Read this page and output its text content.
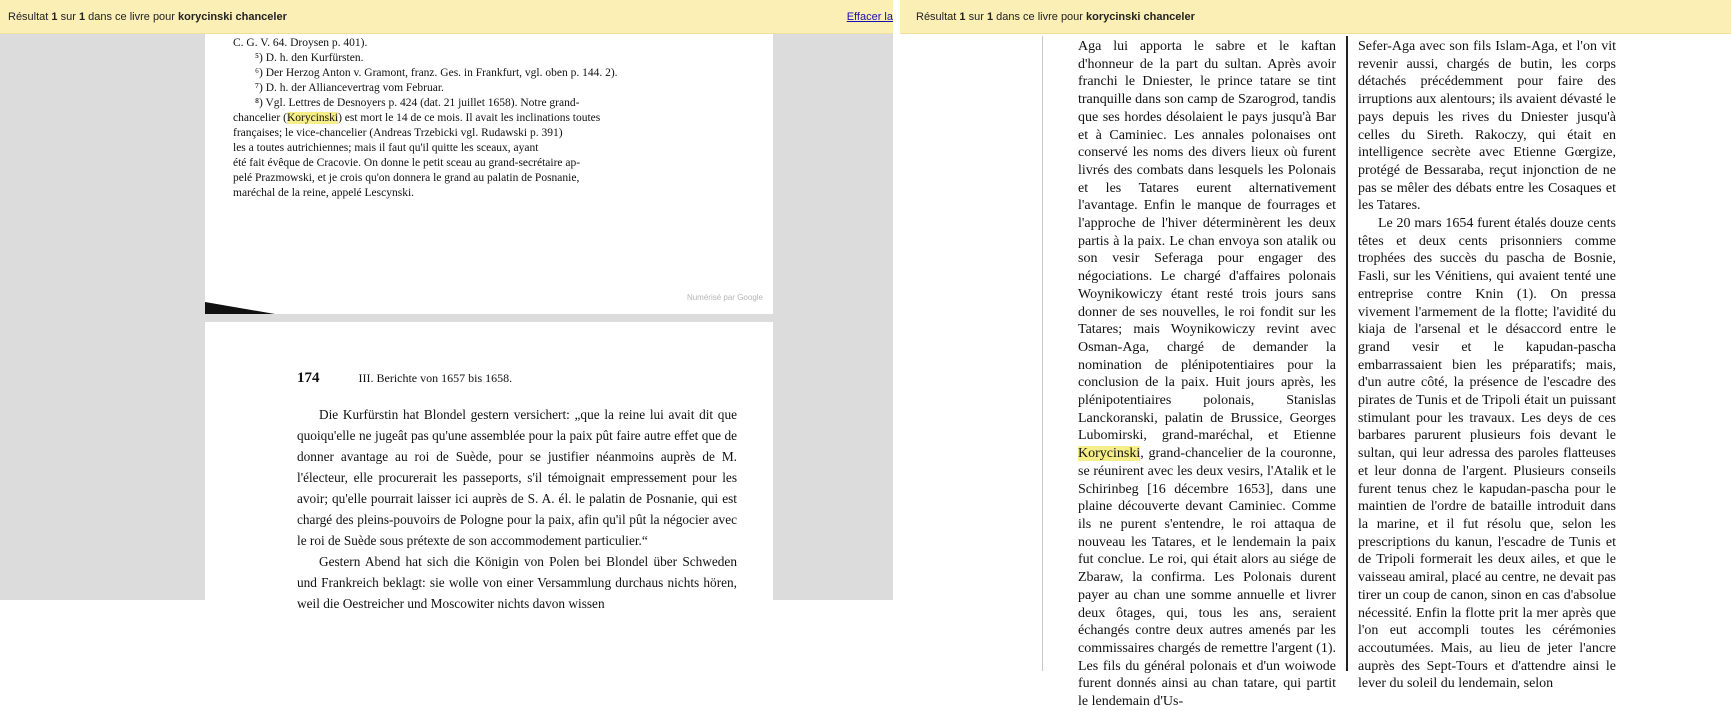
Résultat 1 sur 1 dans ce livre pour korycinski chanceler	Effacer la
C. G. V. 64. Droysen p. 401).
⁵) D. h. den Kurfürsten.
⁶) Der Herzog Anton v. Gramont, franz. Ges. in Frankfurt, vgl. oben p. 144. 2).
⁷) D. h. der Alliancevertrag vom Februar.
⁸) Vgl. Lettres de Desnoyers p. 424 (dat. 21 juillet 1658). Notre grand-
chancelier (Korycinski) est mort le 14 de ce mois. Il avait les inclinations toutes
françaises; le vice-chancelier (Andreas Trzebicki vgl. Rudawski p. 391)
les a toutes autrichiennes; mais il faut qu'il quitte les sceaux, ayant
été fait évêque de Cracovie. On donne le petit sceau au grand-secrétaire ap-
pelé Prazmowski, et je crois qu'on donnera le grand au palatin de Posnanie,
maréchal de la reine, appelé Lescynski.
Numérisé par Google
174	III. Berichte von 1657 bis 1658.

Die Kurfürstin hat Blondel gestern versichert: „que la reine lui avait dit que quoiqu'elle ne jugeât pas qu'une assemblée pour la paix pût faire autre effet que de donner avantage au roi de Suède, pour se justifier néanmoins auprès de M. l'électeur, elle procurerait les passeports, s'il témoignait empressement pour les avoir; qu'elle pourrait laisser ici auprès de S. A. él. le palatin de Posnanie, qui est chargé des pleins-pouvoirs de Pologne pour la paix, afin qu'il pût la négocier avec le roi de Suède sous prétexte de son accommodement particulier.“

Gestern Abend hat sich die Königin von Polen bei Blondel über Schweden und Frankreich beklagt: sie wolle von einer Versammlung durchaus nichts hören, weil die Oestreicher und Moscowiter nichts davon wissen

Résultat 1 sur 1 dans ce livre pour korycinski chanceler

Aga lui apporta le sabre et le kaftan d'honneur de la part du sultan. Après avoir franchi le Dniester, le prince tatare se tint tranquille dans son camp de Szarogrod, tandis que ses hordes désolaient le pays jusqu'à Bar et à Caminiec. Les annales polonaises ont conservé les noms des divers lieux où furent livrés des combats dans lesquels les Polonais et les Tatares eurent alternativement l'avantage. Enfin le manque de fourrages et l'approche de l'hiver déterminèrent les deux partis à la paix. Le chan envoya son atalik ou son vesir Seferaga pour engager des négociations. Le chargé d'affaires polonais Woynikowiczy étant resté trois jours sans donner de ses nouvelles, le roi fondit sur les Tatares; mais Woynikowiczy revint avec Osman-Aga, chargé de demander la nomination de plénipotentiaires pour la conclusion de la paix. Huit jours après, les plénipotentiaires polonais, Stanislas Lanckoranski, palatin de Brussice, Georges Lubomirski, grand-maréchal, et Etienne Korycinski, grand-chancelier de la couronne, se réunirent avec les deux vesirs, l'Atalik et le Schirinbeg [16 décembre 1653], dans une plaine découverte devant Caminiec. Comme ils ne purent s'entendre, le roi attaqua de nouveau les Tatares, et le lendemain la paix fut conclue. Le roi, qui était alors au siége de Zbaraw, la confirma. Les Polonais durent payer au chan une somme annuelle et livrer deux ôtages, qui, tous les ans, seraient échangés contre deux autres amenés par les commissaires chargés de remettre l'argent (1). Les fils du général polonais et d'un woiwode furent donnés ainsi au chan tatare, qui partit le lendemain d'Us-

Sefer-Aga avec son fils Islam-Aga, et l'on vit revenir aussi, chargés de butin, les corps détachés précédemment pour faire des irruptions aux alentours; ils avaient dévasté le pays depuis les rives du Dniester jusqu'à celles du Sireth. Rakoczy, qui était en intelligence secrète avec Etienne Gœrgize, protégé de Bessaraba, reçut injonction de ne pas se mêler des débats entre les Cosaques et les Tatares.

Le 20 mars 1654 furent étalés douze cents têtes et deux cents prisonniers comme trophées des succès du pascha de Bosnie, Fasli, sur les Vénitiens, qui avaient tenté une entreprise contre Knin (1). On pressa vivement l'armement de la flotte; l'avidité du kiaja de l'arsenal et le désaccord entre le grand vesir et le kapudan-pascha embarrassaient bien les préparatifs; mais, d'un autre côté, la présence de l'escadre des pirates de Tunis et de Tripoli était un puissant stimulant pour les travaux. Les deys de ces barbares parurent plusieurs fois devant le sultan, qui leur adressa des paroles flatteuses et leur donna de l'argent. Plusieurs conseils furent tenus chez le kapudan-pascha pour le maintien de l'ordre de bataille introduit dans la marine, et il fut résolu que, selon les prescriptions du kanun, l'escadre de Tunis et de Tripoli formerait les deux ailes, et que le vaisseau amiral, placé au centre, ne devait pas tirer un coup de canon, sinon en cas d'absolue nécessité. Enfin la flotte prit la mer après que l'on eut accompli toutes les cérémonies accoutumées. Mais, au lieu de jeter l'ancre auprès des Sept-Tours et d'attendre ainsi le lever du soleil du lendemain, selon
